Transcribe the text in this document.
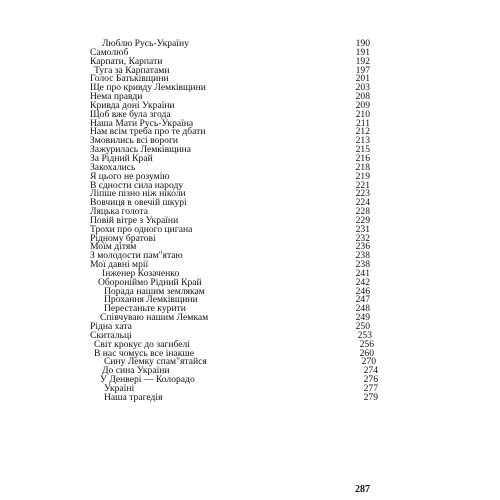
Люблю Русь-Україну	190
Самолюб	191
Карпати, Карпати	192
Туга за Карпатами	197
Голос Батьківщини	201
Ще про кривду Лемківщини	203
Нема правди	208
Кривда доні України	209
Щоб вже була згода	210
Наша Мати Русь-Україна	211
Нам всім треба про те дбати	212
Змовились всі вороги	213
Зажурилась Лемківщина	215
За Рідний Край	216
Закохались	218
Я цього не розумію	219
В єдности сила народу	221
Ліпше пізно ніж ніколи	223
Вовчиця в овечій шкурі	224
Ляцька голота	228
Повій вітре з України	229
Трохи про одного цигана	231
Рідному братові	232
Моїм дітям	236
З молодости пам"ятаю	238
Мої давні мрії	238
Інженер Козаченко	241
Обороніймо Рідний Край	242
Порада нашим землякам	246
Прохання Лемківщини	247
Перестаньте курити	248
Співчуваю нашим Лемкам	249
Рідна хата	250
Скитальці	253
Світ крокує до загибелі	256
В нас чомусь все інакше	260
Сину Лемку спам"ятайся	270
До сина України	274
У Денвері — Колорадо	276
Україні	277
Наша трагедія	279
287
